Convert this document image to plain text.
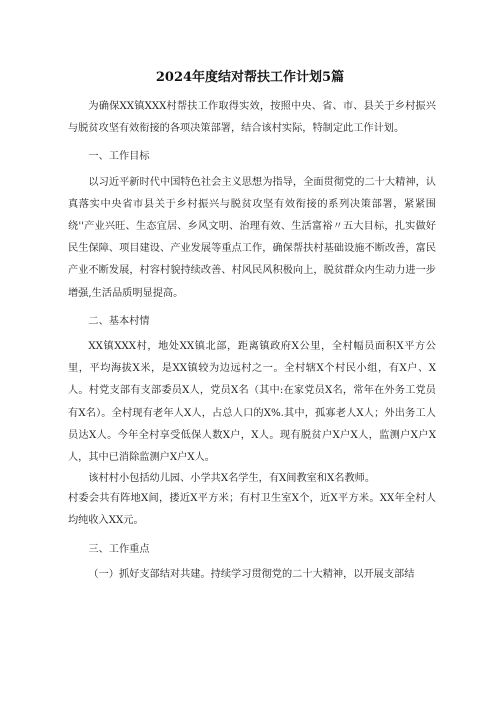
2024年度结对帮扶工作计划5篇

为确保XX镇XXX村帮扶工作取得实效，按照中央、省、市、县关于乡村振兴与脱贫攻坚有效衔接的各项决策部署，结合该村实际，特制定此工作计划。

一、工作目标

以习近平新时代中国特色社会主义思想为指导，全面贯彻党的二十大精神，认真落实中央省市县关于乡村振兴与脱贫攻坚有效衔接的系列决策部署，紧紧围绕''产业兴旺、生态宜居、乡风文明、治理有效、生活富裕〃五大目标，扎实做好民生保障、项目建设、产业发展等重点工作，确保帮扶村基础设施不断改善，富民产业不断发展，村容村貌持续改善、村风民风积极向上，脱贫群众内生动力进一步增强,生活品质明显提高。

二、基本村情

XX镇XXX村，地处XX镇北部，距离镇政府X公里，全村幅员面积X平方公里，平均海拔X米，是XX镇较为边远村之一。全村辖X个村民小组，有X户、X人。村党支部有支部委员X人，党员X名（其中:在家党员X名，常年在外务工党员有X名）。全村现有老年人X人，占总人口的X%.其中，孤寡老人X人；外出务工人员达X人。今年全村享受低保人数X户，X人。现有脱贫户X户X人，监测户X户X人，其中已消除监测户X户X人。

该村村小包括幼儿园、小学共X名学生，有X间教室和X名教师。

村委会共有阵地X间，搂近X平方米；有村卫生室X个，近X平方米。XX年全村人均纯收入XX元。

三、工作重点

（一）抓好支部结对共建。持续学习贯彻党的二十大精神，以开展支部结
